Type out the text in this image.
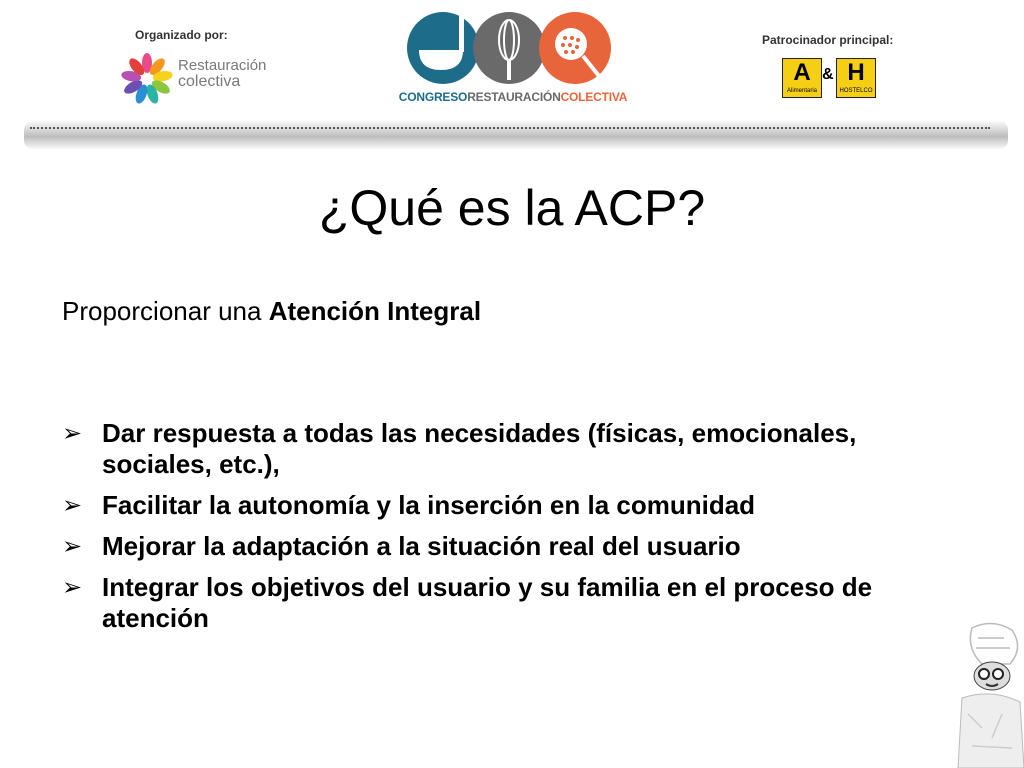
Organizado por:
Restauración
colectiva
CONGRESORESTAURACIÓNCOLECTIVA
Patrocinador principal:
A
Alimentaria
& H
HOSTELCO
¿Qué es la ACP?
Proporcionar una Atención Integral
➢ Dar respuesta a todas las necesidades (físicas, emocionales, sociales, etc.),
➢ Facilitar la autonomía y la inserción en la comunidad
➢ Mejorar la adaptación a la situación real del usuario
➢ Integrar los objetivos del usuario y su familia en el proceso de atención
